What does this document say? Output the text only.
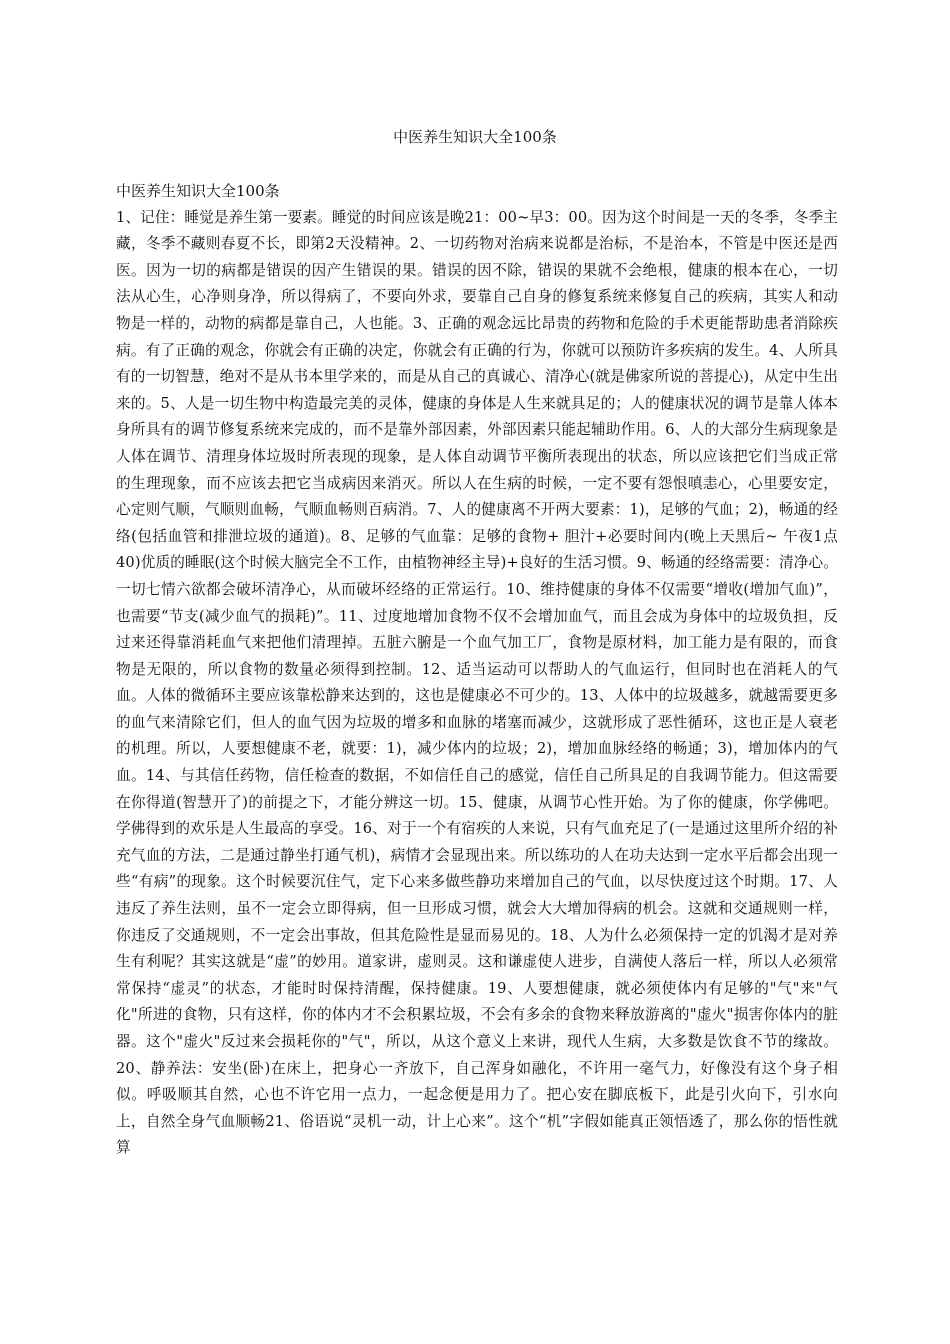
中医养生知识大全100条

中医养生知识大全100条

1、记住：睡觉是养生第一要素。睡觉的时间应该是晚21：00~早3：00。因为这个时间是一天的冬季，冬季主藏，冬季不藏则春夏不长，即第2天没精神。2、一切药物对治病来说都是治标，不是治本，不管是中医还是西医。因为一切的病都是错误的因产生错误的果。错误的因不除，错误的果就不会绝根，健康的根本在心，一切法从心生，心净则身净，所以得病了，不要向外求，要靠自己自身的修复系统来修复自己的疾病，其实人和动物是一样的，动物的病都是靠自己，人也能。3、正确的观念远比昂贵的药物和危险的手术更能帮助患者消除疾病。有了正确的观念，你就会有正确的决定，你就会有正确的行为，你就可以预防许多疾病的发生。4、人所具有的一切智慧，绝对不是从书本里学来的，而是从自己的真诚心、清净心(就是佛家所说的菩提心)，从定中生出来的。5、人是一切生物中构造最完美的灵体，健康的身体是人生来就具足的；人的健康状况的调节是靠人体本身所具有的调节修复系统来完成的，而不是靠外部因素，外部因素只能起辅助作用。6、人的大部分生病现象是人体在调节、清理身体垃圾时所表现的现象，是人体自动调节平衡所表现出的状态，所以应该把它们当成正常的生理现象，而不应该去把它当成病因来消灭。所以人在生病的时候，一定不要有怨恨嗔恚心，心里要安定，心定则气顺，气顺则血畅，气顺血畅则百病消。7、人的健康离不开两大要素：1)，足够的气血；2)，畅通的经络(包括血管和排泄垃圾的通道)。8、足够的气血靠：足够的食物+ 胆汁+必要时间内(晚上天黑后~ 午夜1点40)优质的睡眠(这个时候大脑完全不工作，由植物神经主导)+良好的生活习惯。9、畅通的经络需要：清净心。一切七情六欲都会破坏清净心，从而破坏经络的正常运行。10、维持健康的身体不仅需要“增收(增加气血)”，也需要“节支(减少血气的损耗)”。11、过度地增加食物不仅不会增加血气，而且会成为身体中的垃圾负担，反过来还得靠消耗血气来把他们清理掉。五脏六腑是一个血气加工厂，食物是原材料，加工能力是有限的，而食物是无限的，所以食物的数量必须得到控制。12、适当运动可以帮助人的气血运行，但同时也在消耗人的气血。人体的微循环主要应该靠松静来达到的，这也是健康必不可少的。13、人体中的垃圾越多，就越需要更多的血气来清除它们，但人的血气因为垃圾的增多和血脉的堵塞而减少，这就形成了恶性循环，这也正是人衰老的机理。所以，人要想健康不老，就要：1)，减少体内的垃圾；2)，增加血脉经络的畅通；3)，增加体内的气血。14、与其信任药物，信任检查的数据，不如信任自己的感觉，信任自己所具足的自我调节能力。但这需要在你得道(智慧开了)的前提之下，才能分辨这一切。15、健康，从调节心性开始。为了你的健康，你学佛吧。学佛得到的欢乐是人生最高的享受。16、对于一个有宿疾的人来说，只有气血充足了(一是通过这里所介绍的补充气血的方法，二是通过静坐打通气机)，病情才会显现出来。所以练功的人在功夫达到一定水平后都会出现一些“有病”的现象。这个时候要沉住气，定下心来多做些静功来增加自己的气血，以尽快度过这个时期。17、人违反了养生法则，虽不一定会立即得病，但一旦形成习惯，就会大大增加得病的机会。这就和交通规则一样，你违反了交通规则，不一定会出事故，但其危险性是显而易见的。18、人为什么必须保持一定的饥渴才是对养生有利呢？其实这就是“虚”的妙用。道家讲，虚则灵。这和谦虚使人进步，自满使人落后一样，所以人必须常常保持“虚灵”的状态，才能时时保持清醒，保持健康。19、人要想健康，就必须使体内有足够的"气"来"气化"所进的食物，只有这样，你的体内才不会积累垃圾，不会有多余的食物来释放游离的"虚火"损害你体内的脏器。这个"虚火"反过来会损耗你的"气"，所以，从这个意义上来讲，现代人生病，大多数是饮食不节的缘故。20、静养法：安坐(卧)在床上，把身心一齐放下，自己浑身如融化，不许用一毫气力，好像没有这个身子相似。呼吸顺其自然，心也不许它用一点力，一起念便是用力了。把心安在脚底板下，此是引火向下，引水向上，自然全身气血顺畅21、俗语说“灵机一动，计上心来”。这个“机”字假如能真正领悟透了，那么你的悟性就算
